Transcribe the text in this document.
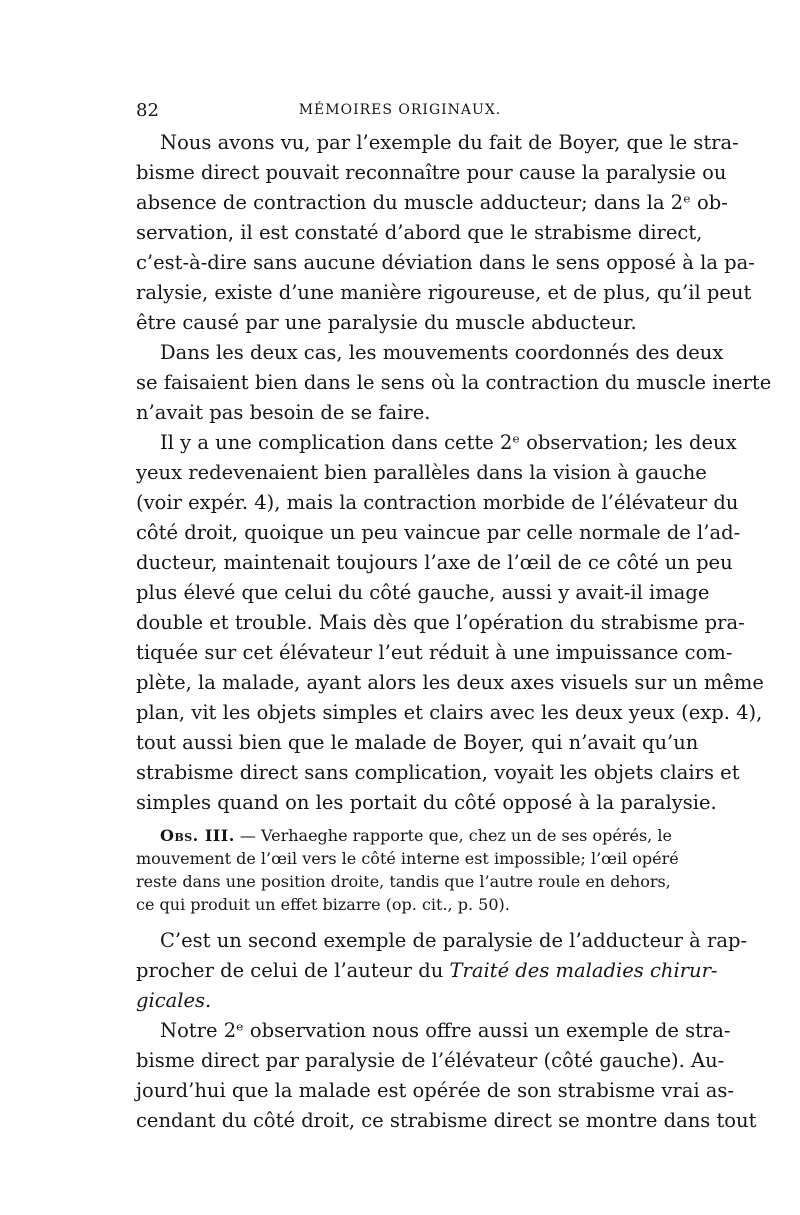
82	MÉMOIRES ORIGINAUX.
Nous avons vu, par l’exemple du fait de Boyer, que le stra-
bisme direct pouvait reconnaître pour cause la paralysie ou
absence de contraction du muscle adducteur; dans la 2ᵉ ob-
servation, il est constaté d’abord que le strabisme direct,
c’est-à-dire sans aucune déviation dans le sens opposé à la pa-
ralysie, existe d’une manière rigoureuse, et de plus, qu’il peut
être causé par une paralysie du muscle abducteur.
Dans les deux cas, les mouvements coordonnés des deux
se faisaient bien dans le sens où la contraction du muscle inerte
n’avait pas besoin de se faire.
Il y a une complication dans cette 2ᵉ observation; les deux
yeux redevenaient bien parallèles dans la vision à gauche
(voir expér. 4), mais la contraction morbide de l’élévateur du
côté droit, quoique un peu vaincue par celle normale de l’ad-
ducteur, maintenait toujours l’axe de l’œil de ce côté un peu
plus élevé que celui du côté gauche, aussi y avait-il image
double et trouble. Mais dès que l’opération du strabisme pra-
tiquée sur cet élévateur l’eut réduit à une impuissance com-
plète, la malade, ayant alors les deux axes visuels sur un même
plan, vit les objets simples et clairs avec les deux yeux (exp. 4),
tout aussi bien que le malade de Boyer, qui n’avait qu’un
strabisme direct sans complication, voyait les objets clairs et
simples quand on les portait du côté opposé à la paralysie.
Obs. III. — Verhaeghe rapporte que, chez un de ses opérés, le
mouvement de l’œil vers le côté interne est impossible; l’œil opéré
reste dans une position droite, tandis que l’autre roule en dehors,
ce qui produit un effet bizarre (op. cit., p. 50).
C’est un second exemple de paralysie de l’adducteur à rap-
procher de celui de l’auteur du Traité des maladies chirur-
gicales.
Notre 2ᵉ observation nous offre aussi un exemple de stra-
bisme direct par paralysie de l’élévateur (côté gauche). Au-
jourd’hui que la malade est opérée de son strabisme vrai as-
cendant du côté droit, ce strabisme direct se montre dans tout
